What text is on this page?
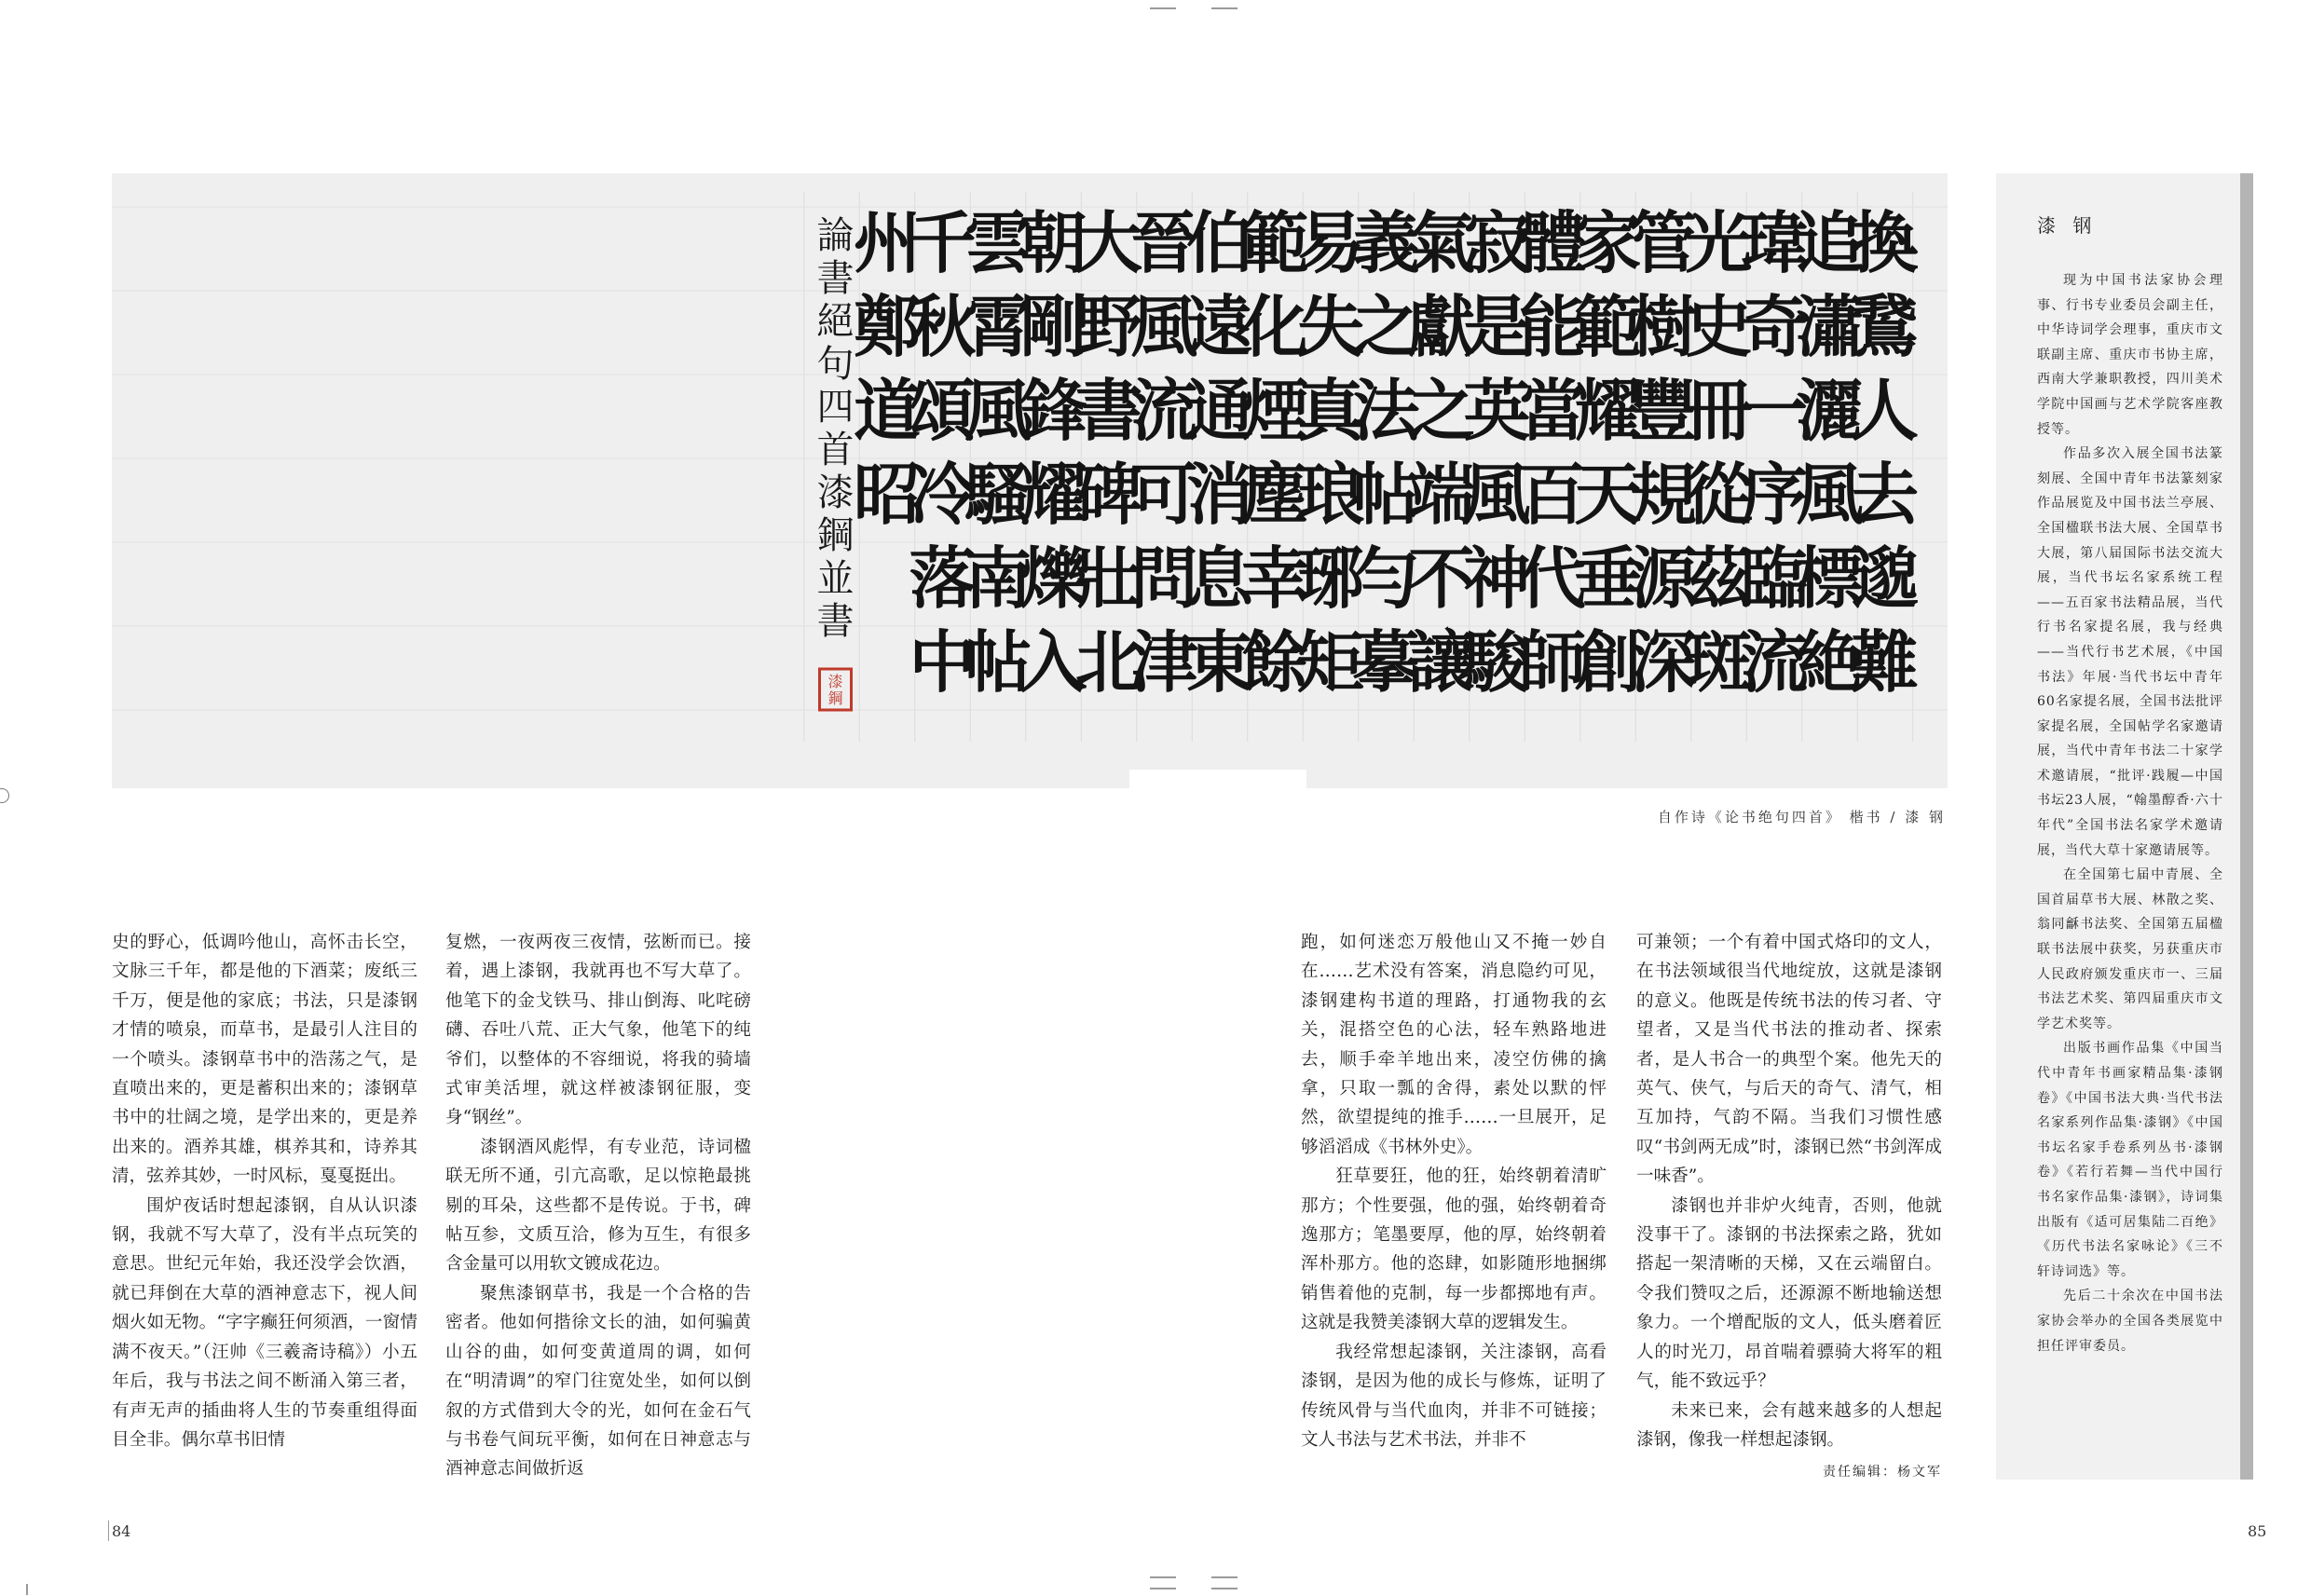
換
鵞
人
去
邈
難
追
瀟
灑
風
標
絶
瑋
奇
一
序
臨
流
光
史
冊
從
茲
斑
管
樹
豐
規
源
深
家
範
耀
天
垂
創
體
能
當
百
代
師
寂
是
英
風
神
駿
氣
獻
之
端
不
讓
義
之
法
帖
勻
摹
易
失
真
琅
琊
矩
範
化
煙
塵
幸
餘
伯
遠
通
消
息
東
晉
風
流
可
問
津
大
野
書
碑
壯
北
朝
剛
鋒
耀
爍
入
雲
霄
風
騷
南
帖
千
秋
頌
冷
落
中
州
鄭
道
昭
論
書
絕
句
四
首
漆
鋼
並
書
漆
鋼
自作诗《论书绝句四首》 楷书 / 漆 钢

史的野心，低调吟他山，高怀击长空，文脉三千年，都是他的下酒菜；废纸三千万，便是他的家底；书法，只是漆钢才情的喷泉，而草书，是最引人注目的一个喷头。漆钢草书中的浩荡之气，是直喷出来的，更是蓄积出来的；漆钢草书中的壮阔之境，是学出来的，更是养出来的。酒养其雄，棋养其和，诗养其清，弦养其妙，一时风标，戛戛挺出。

围炉夜话时想起漆钢，自从认识漆钢，我就不写大草了，没有半点玩笑的意思。世纪元年始，我还没学会饮酒，就已拜倒在大草的酒神意志下，视人间烟火如无物。“字字癫狂何须酒，一窗情满不夜天。”（汪帅《三羲斋诗稿》）小五年后，我与书法之间不断涌入第三者，有声无声的插曲将人生的节奏重组得面目全非。偶尔草书旧情

复燃，一夜两夜三夜情，弦断而已。接着，遇上漆钢，我就再也不写大草了。他笔下的金戈铁马、排山倒海、叱咤磅礴、吞吐八荒、正大气象，他笔下的纯爷们，以整体的不容细说，将我的骑墙式审美活埋，就这样被漆钢征服，变身“钢丝”。

漆钢酒风彪悍，有专业范，诗词楹联无所不通，引亢高歌，足以惊艳最挑剔的耳朵，这些都不是传说。于书，碑帖互参，文质互洽，修为互生，有很多含金量可以用软文镀成花边。

聚焦漆钢草书，我是一个合格的告密者。他如何揩徐文长的油，如何骗黄山谷的曲，如何变黄道周的调，如何在“明清调”的窄门往宽处坐，如何以倒叙的方式借到大令的光，如何在金石气与书卷气间玩平衡，如何在日神意志与酒神意志间做折返

跑，如何迷恋万般他山又不掩一妙自在……艺术没有答案，消息隐约可见，漆钢建构书道的理路，打通物我的玄关，混搭空色的心法，轻车熟路地进去，顺手牵羊地出来，凌空仿佛的擒拿，只取一瓢的舍得，素处以默的怦然，欲望提纯的推手……一旦展开，足够滔滔成《书林外史》。

狂草要狂，他的狂，始终朝着清旷那方；个性要强，他的强，始终朝着奇逸那方；笔墨要厚，他的厚，始终朝着浑朴那方。他的恣肆，如影随形地捆绑销售着他的克制，每一步都掷地有声。这就是我赞美漆钢大草的逻辑发生。

我经常想起漆钢，关注漆钢，高看漆钢，是因为他的成长与修炼，证明了传统风骨与当代血肉，并非不可链接；文人书法与艺术书法，并非不

可兼领；一个有着中国式烙印的文人，在书法领域很当代地绽放，这就是漆钢的意义。他既是传统书法的传习者、守望者，又是当代书法的推动者、探索者，是人书合一的典型个案。他先天的英气、侠气，与后天的奇气、清气，相互加持，气韵不隔。当我们习惯性感叹“书剑两无成”时，漆钢已然“书剑浑成一味香”。

漆钢也并非炉火纯青，否则，他就没事干了。漆钢的书法探索之路，犹如搭起一架清晰的天梯，又在云端留白。令我们赞叹之后，还源源不断地输送想象力。一个增配版的文人，低头磨着匠人的时光刀，昂首喘着骠骑大将军的粗气，能不致远乎？

未来已来，会有越来越多的人想起漆钢，像我一样想起漆钢。

责任编辑：杨文军
漆 钢

现为中国书法家协会理事、行书专业委员会副主任，中华诗词学会理事，重庆市文联副主席、重庆市书协主席，西南大学兼职教授，四川美术学院中国画与艺术学院客座教授等。

作品多次入展全国书法篆刻展、全国中青年书法篆刻家作品展览及中国书法兰亭展、全国楹联书法大展、全国草书大展，第八届国际书法交流大展，当代书坛名家系统工程——五百家书法精品展，当代行书名家提名展，我与经典——当代行书艺术展，《中国书法》年展·当代书坛中青年60名家提名展，全国书法批评家提名展，全国帖学名家邀请展，当代中青年书法二十家学术邀请展，“批评·践履—中国书坛23人展，“翰墨醇香·六十年代”全国书法名家学术邀请展，当代大草十家邀请展等。

在全国第七届中青展、全国首届草书大展、林散之奖、翁同龢书法奖、全国第五届楹联书法展中获奖，另获重庆市人民政府颁发重庆市一、三届书法艺术奖、第四届重庆市文学艺术奖等。

出版书画作品集《中国当代中青年书画家精品集·漆钢卷》《中国书法大典·当代书法名家系列作品集·漆钢》《中国书坛名家手卷系列丛书·漆钢卷》《若行若舞—当代中国行书名家作品集·漆钢》，诗词集出版有《适可居集陆二百绝》《历代书法名家咏论》《三不轩诗词选》等。

先后二十余次在中国书法家协会举办的全国各类展览中担任评审委员。

84	85
